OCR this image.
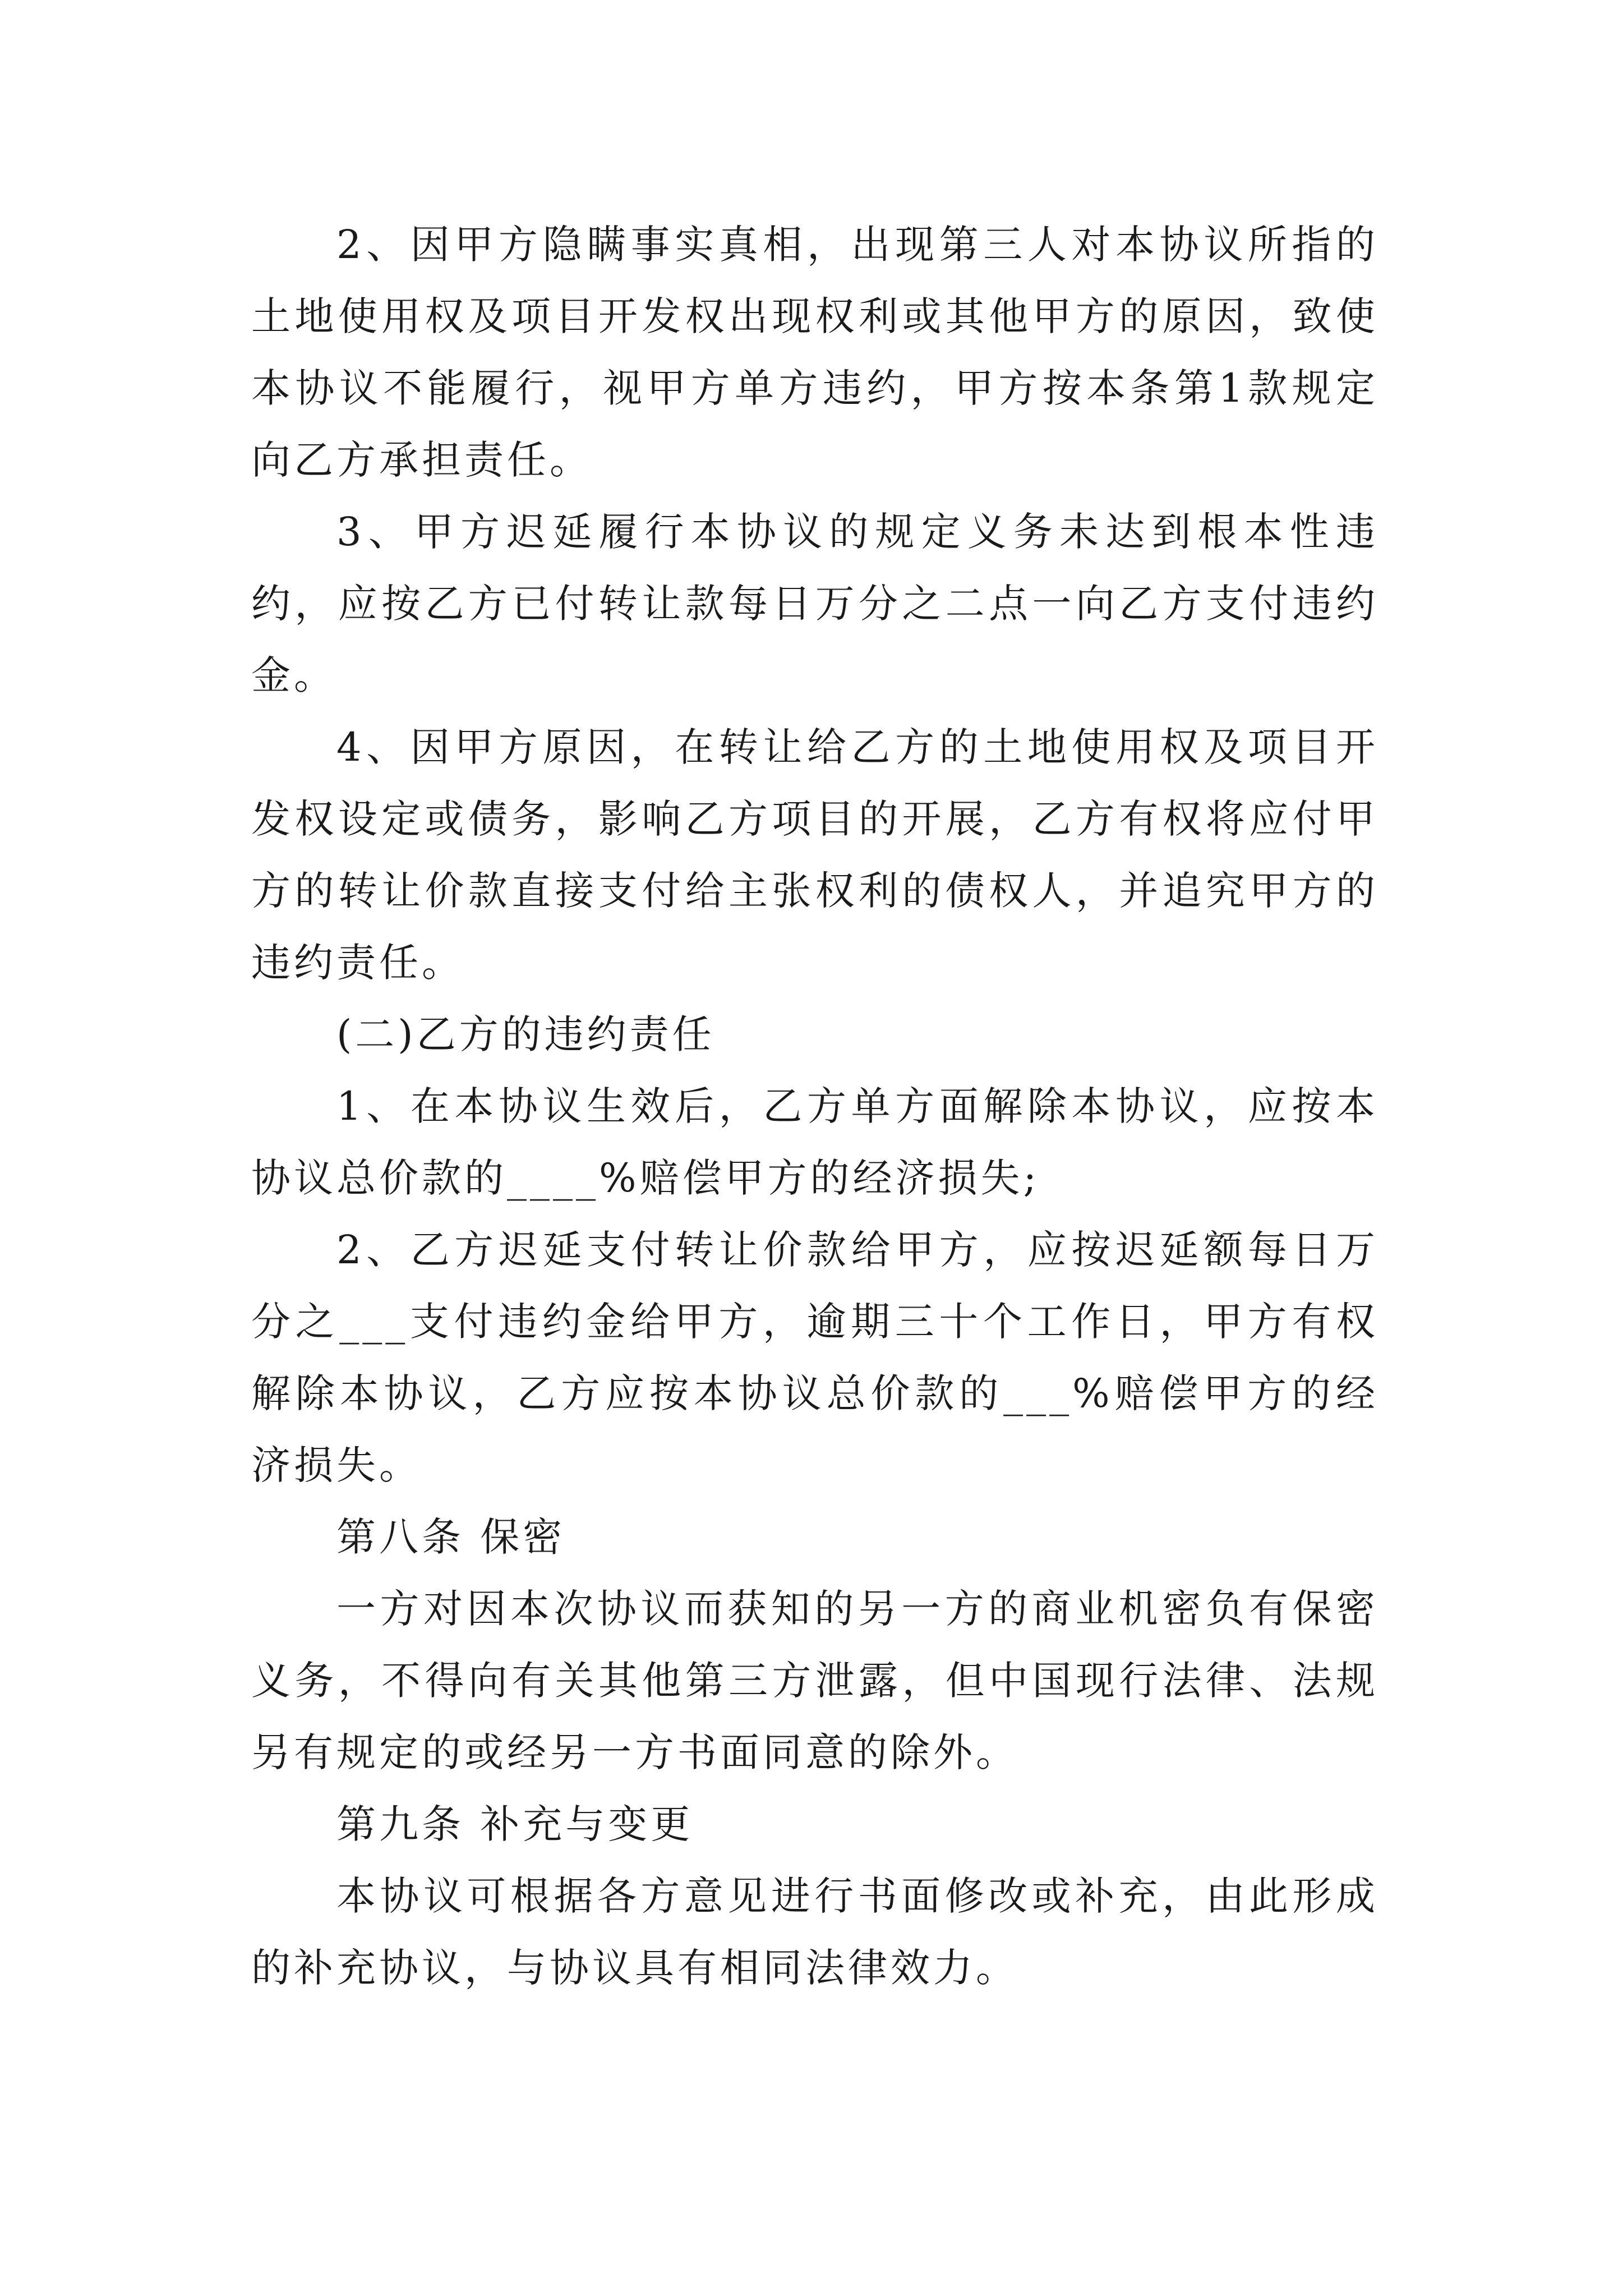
2、因甲方隐瞒事实真相，出现第三人对本协议所指的土地使用权及项目开发权出现权利或其他甲方的原因，致使本协议不能履行，视甲方单方违约，甲方按本条第1款规定向乙方承担责任。

3、甲方迟延履行本协议的规定义务未达到根本性违约，应按乙方已付转让款每日万分之二点一向乙方支付违约金。

4、因甲方原因，在转让给乙方的土地使用权及项目开发权设定或债务，影响乙方项目的开展，乙方有权将应付甲方的转让价款直接支付给主张权利的债权人，并追究甲方的违约责任。

(二)乙方的违约责任

1、在本协议生效后，乙方单方面解除本协议，应按本协议总价款的____%赔偿甲方的经济损失;

2、乙方迟延支付转让价款给甲方，应按迟延额每日万分之___支付违约金给甲方，逾期三十个工作日，甲方有权解除本协议，乙方应按本协议总价款的___%赔偿甲方的经济损失。

第八条 保密

一方对因本次协议而获知的另一方的商业机密负有保密义务，不得向有关其他第三方泄露，但中国现行法律、法规另有规定的或经另一方书面同意的除外。

第九条 补充与变更

本协议可根据各方意见进行书面修改或补充，由此形成的补充协议，与协议具有相同法律效力。
